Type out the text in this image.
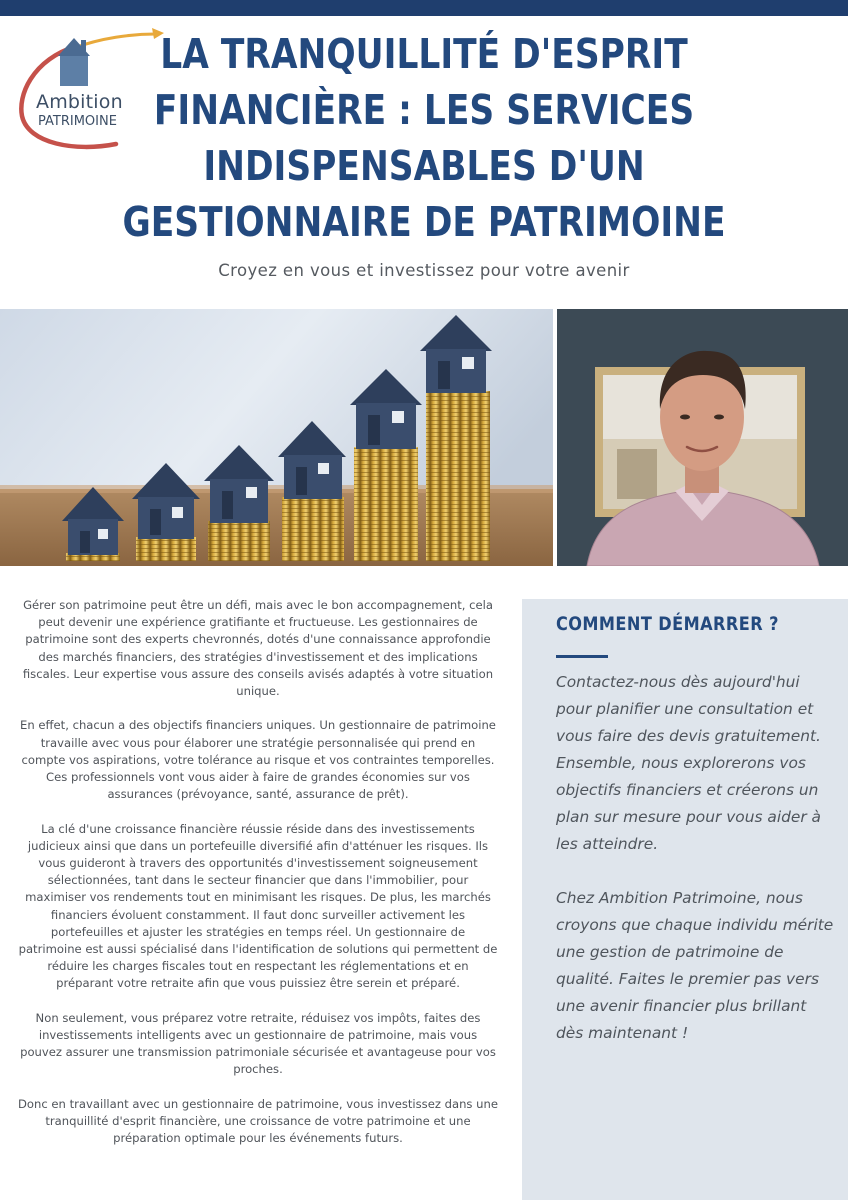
Ambition
PATRIMOINE
LA TRANQUILLITÉ D'ESPRIT FINANCIÈRE : LES SERVICES INDISPENSABLES D'UN GESTIONNAIRE DE PATRIMOINE
Croyez en vous et investissez pour votre avenir

Gérer son patrimoine peut être un défi, mais avec le bon accompagnement, cela peut devenir une expérience gratifiante et fructueuse. Les gestionnaires de patrimoine sont des experts chevronnés, dotés d'une connaissance approfondie des marchés financiers, des stratégies d'investissement et des implications fiscales. Leur expertise vous assure des conseils avisés adaptés à votre situation unique.

En effet, chacun a des objectifs financiers uniques. Un gestionnaire de patrimoine travaille avec vous pour élaborer une stratégie personnalisée qui prend en compte vos aspirations, votre tolérance au risque et vos contraintes temporelles. Ces professionnels vont vous aider à faire de grandes économies sur vos assurances (prévoyance, santé, assurance de prêt).

La clé d'une croissance financière réussie réside dans des investissements judicieux ainsi que dans un portefeuille diversifié afin d'atténuer les risques. Ils vous guideront à travers des opportunités d'investissement soigneusement sélectionnées, tant dans le secteur financier que dans l'immobilier, pour maximiser vos rendements tout en minimisant les risques. De plus, les marchés financiers évoluent constamment. Il faut donc surveiller activement les portefeuilles et ajuster les stratégies en temps réel. Un gestionnaire de patrimoine est aussi spécialisé dans l'identification de solutions qui permettent de réduire les charges fiscales tout en respectant les réglementations et en préparant votre retraite afin que vous puissiez être serein et préparé.

Non seulement, vous préparez votre retraite, réduisez vos impôts, faites des investissements intelligents avec un gestionnaire de patrimoine, mais vous pouvez assurer une transmission patrimoniale sécurisée et avantageuse pour vos proches.

Donc en travaillant avec un gestionnaire de patrimoine, vous investissez dans une tranquillité d'esprit financière, une croissance de votre patrimoine et une préparation optimale pour les événements futurs.

COMMENT DÉMARRER ?

Contactez-nous dès aujourd'hui pour planifier une consultation et vous faire des devis gratuitement. Ensemble, nous explorerons vos objectifs financiers et créerons un plan sur mesure pour vous aider à les atteindre.

Chez Ambition Patrimoine, nous croyons que chaque individu mérite une gestion de patrimoine de qualité. Faites le premier pas vers une avenir financier plus brillant dès maintenant !
